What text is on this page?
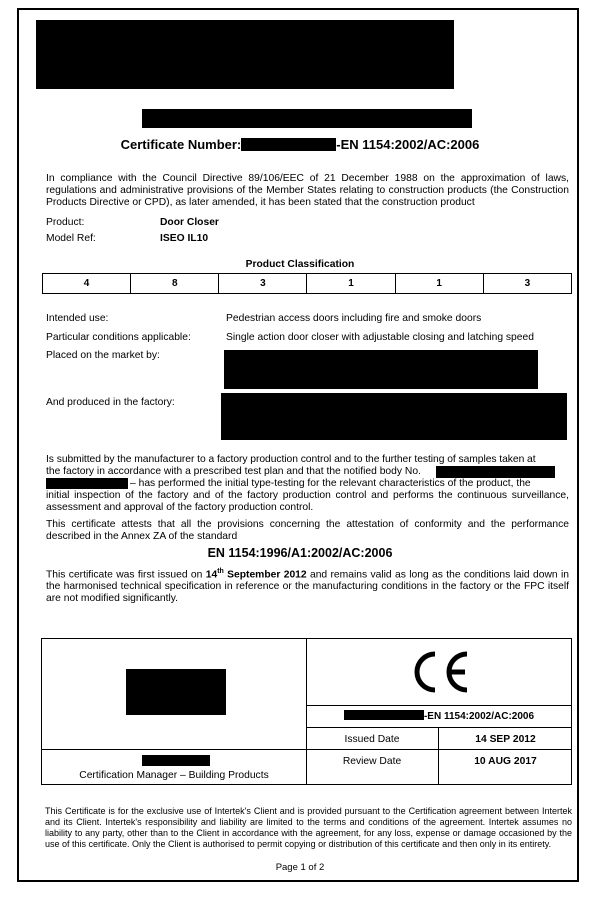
Certificate Number:	-EN 1154:2002/AC:2006
In compliance with the Council Directive 89/106/EEC of 21 December 1988 on the approximation of laws, regulations and administrative provisions of the Member States relating to construction products (the Construction Products Directive or CPD), as later amended, it has been stated that the construction product
Product:	Door Closer
Model Ref:	ISEO IL10
Product Classification
4	8	3	1	1	3
Intended use:	Pedestrian access doors including fire and smoke doors
Particular conditions applicable:	Single action door closer with adjustable closing and latching speed
Placed on the market by:
And produced in the factory:
Is submitted by the manufacturer to a factory production control and to the further testing of samples taken at
the factory in accordance with a prescribed test plan and that the notified body No.
– has performed the initial type-testing for the relevant characteristics of the product, the
initial inspection of the factory and of the factory production control and performs the continuous surveillance, assessment and approval of the factory production control.
This certificate attests that all the provisions concerning the attestation of conformity and the performance described in the Annex ZA of the standard
EN 1154:1996/A1:2002/AC:2006
This certificate was first issued on 14th September 2012 and remains valid as long as the conditions laid down in the harmonised technical specification in reference or the manufacturing conditions in the factory or the FPC itself are not modified significantly.
Certification Manager – Building Products
-EN 1154:2002/AC:2006
Issued Date	14 SEP 2012
Review Date	10 AUG 2017
This Certificate is for the exclusive use of Intertek's Client and is provided pursuant to the Certification agreement between Intertek and its Client. Intertek's responsibility and liability are limited to the terms and conditions of the agreement. Intertek assumes no liability to any party, other than to the Client in accordance with the agreement, for any loss, expense or damage occasioned by the use of this certificate. Only the Client is authorised to permit copying or distribution of this certificate and then only in its entirety.
Page 1 of 2
